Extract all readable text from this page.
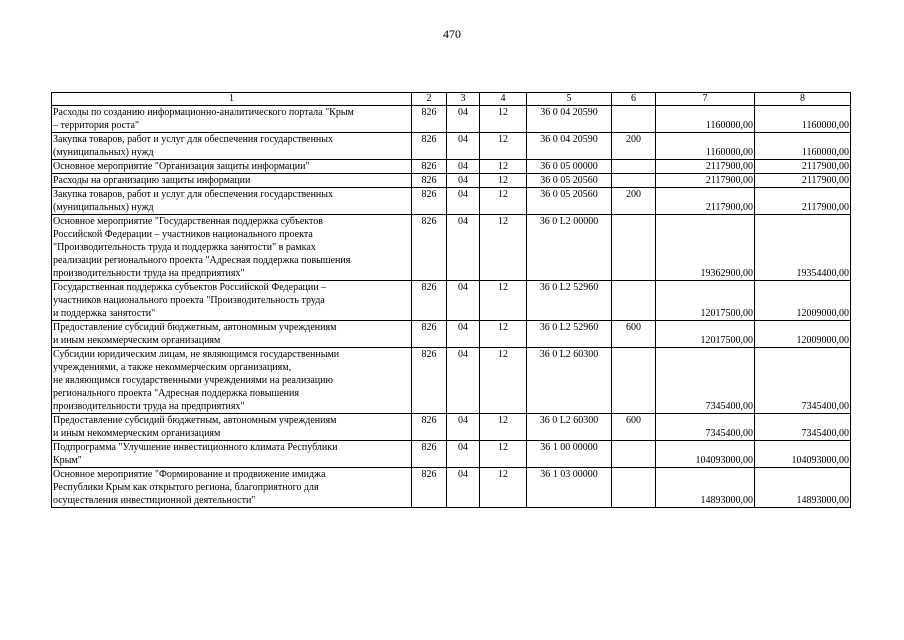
470
1	2	3	4	5	6	7	8
Расходы по созданию информационно-аналитического портала "Крым
– территория роста"	826	04	12	36 0 04 20590		1160000,00	1160000,00
Закупка товаров, работ и услуг для обеспечения государственных
(муниципальных) нужд	826	04	12	36 0 04 20590	200	1160000,00	1160000,00
Основное мероприятие "Организация защиты информации"	826	04	12	36 0 05 00000		2117900,00	2117900,00
Расходы на организацию защиты информации	826	04	12	36 0 05 20560		2117900,00	2117900,00
Закупка товаров, работ и услуг для обеспечения государственных
(муниципальных) нужд	826	04	12	36 0 05 20560	200	2117900,00	2117900,00
Основное мероприятие "Государственная поддержка субъектов
Российской Федерации – участников национального проекта
"Производительность труда и поддержка занятости" в рамках
реализации регионального проекта "Адресная поддержка повышения
производительности труда на предприятиях"	826	04	12	36 0 L2 00000		19362900,00	19354400,00
Государственная поддержка субъектов Российской Федерации –
участников национального проекта "Производительность труда
и поддержка занятости"	826	04	12	36 0 L2 52960		12017500,00	12009000,00
Предоставление субсидий бюджетным, автономным учреждениям
и иным некоммерческим организациям	826	04	12	36 0 L2 52960	600	12017500,00	12009000,00
Субсидии юридическим лицам, не являющимся государственными
учреждениями, а также некоммерческим организациям,
не являющимся государственными учреждениями на реализацию
регионального проекта "Адресная поддержка повышения
производительности труда на предприятиях"	826	04	12	36 0 L2 60300		7345400,00	7345400,00
Предоставление субсидий бюджетным, автономным учреждениям
и иным некоммерческим организациям	826	04	12	36 0 L2 60300	600	7345400,00	7345400,00
Подпрограмма "Улучшение инвестиционного климата Республики
Крым"	826	04	12	36 1 00 00000		104093000,00	104093000,00
Основное мероприятие "Формирование и продвижение имиджа
Республики Крым как открытого региона, благоприятного для
осуществления инвестиционной деятельности"	826	04	12	36 1 03 00000		14893000,00	14893000,00
